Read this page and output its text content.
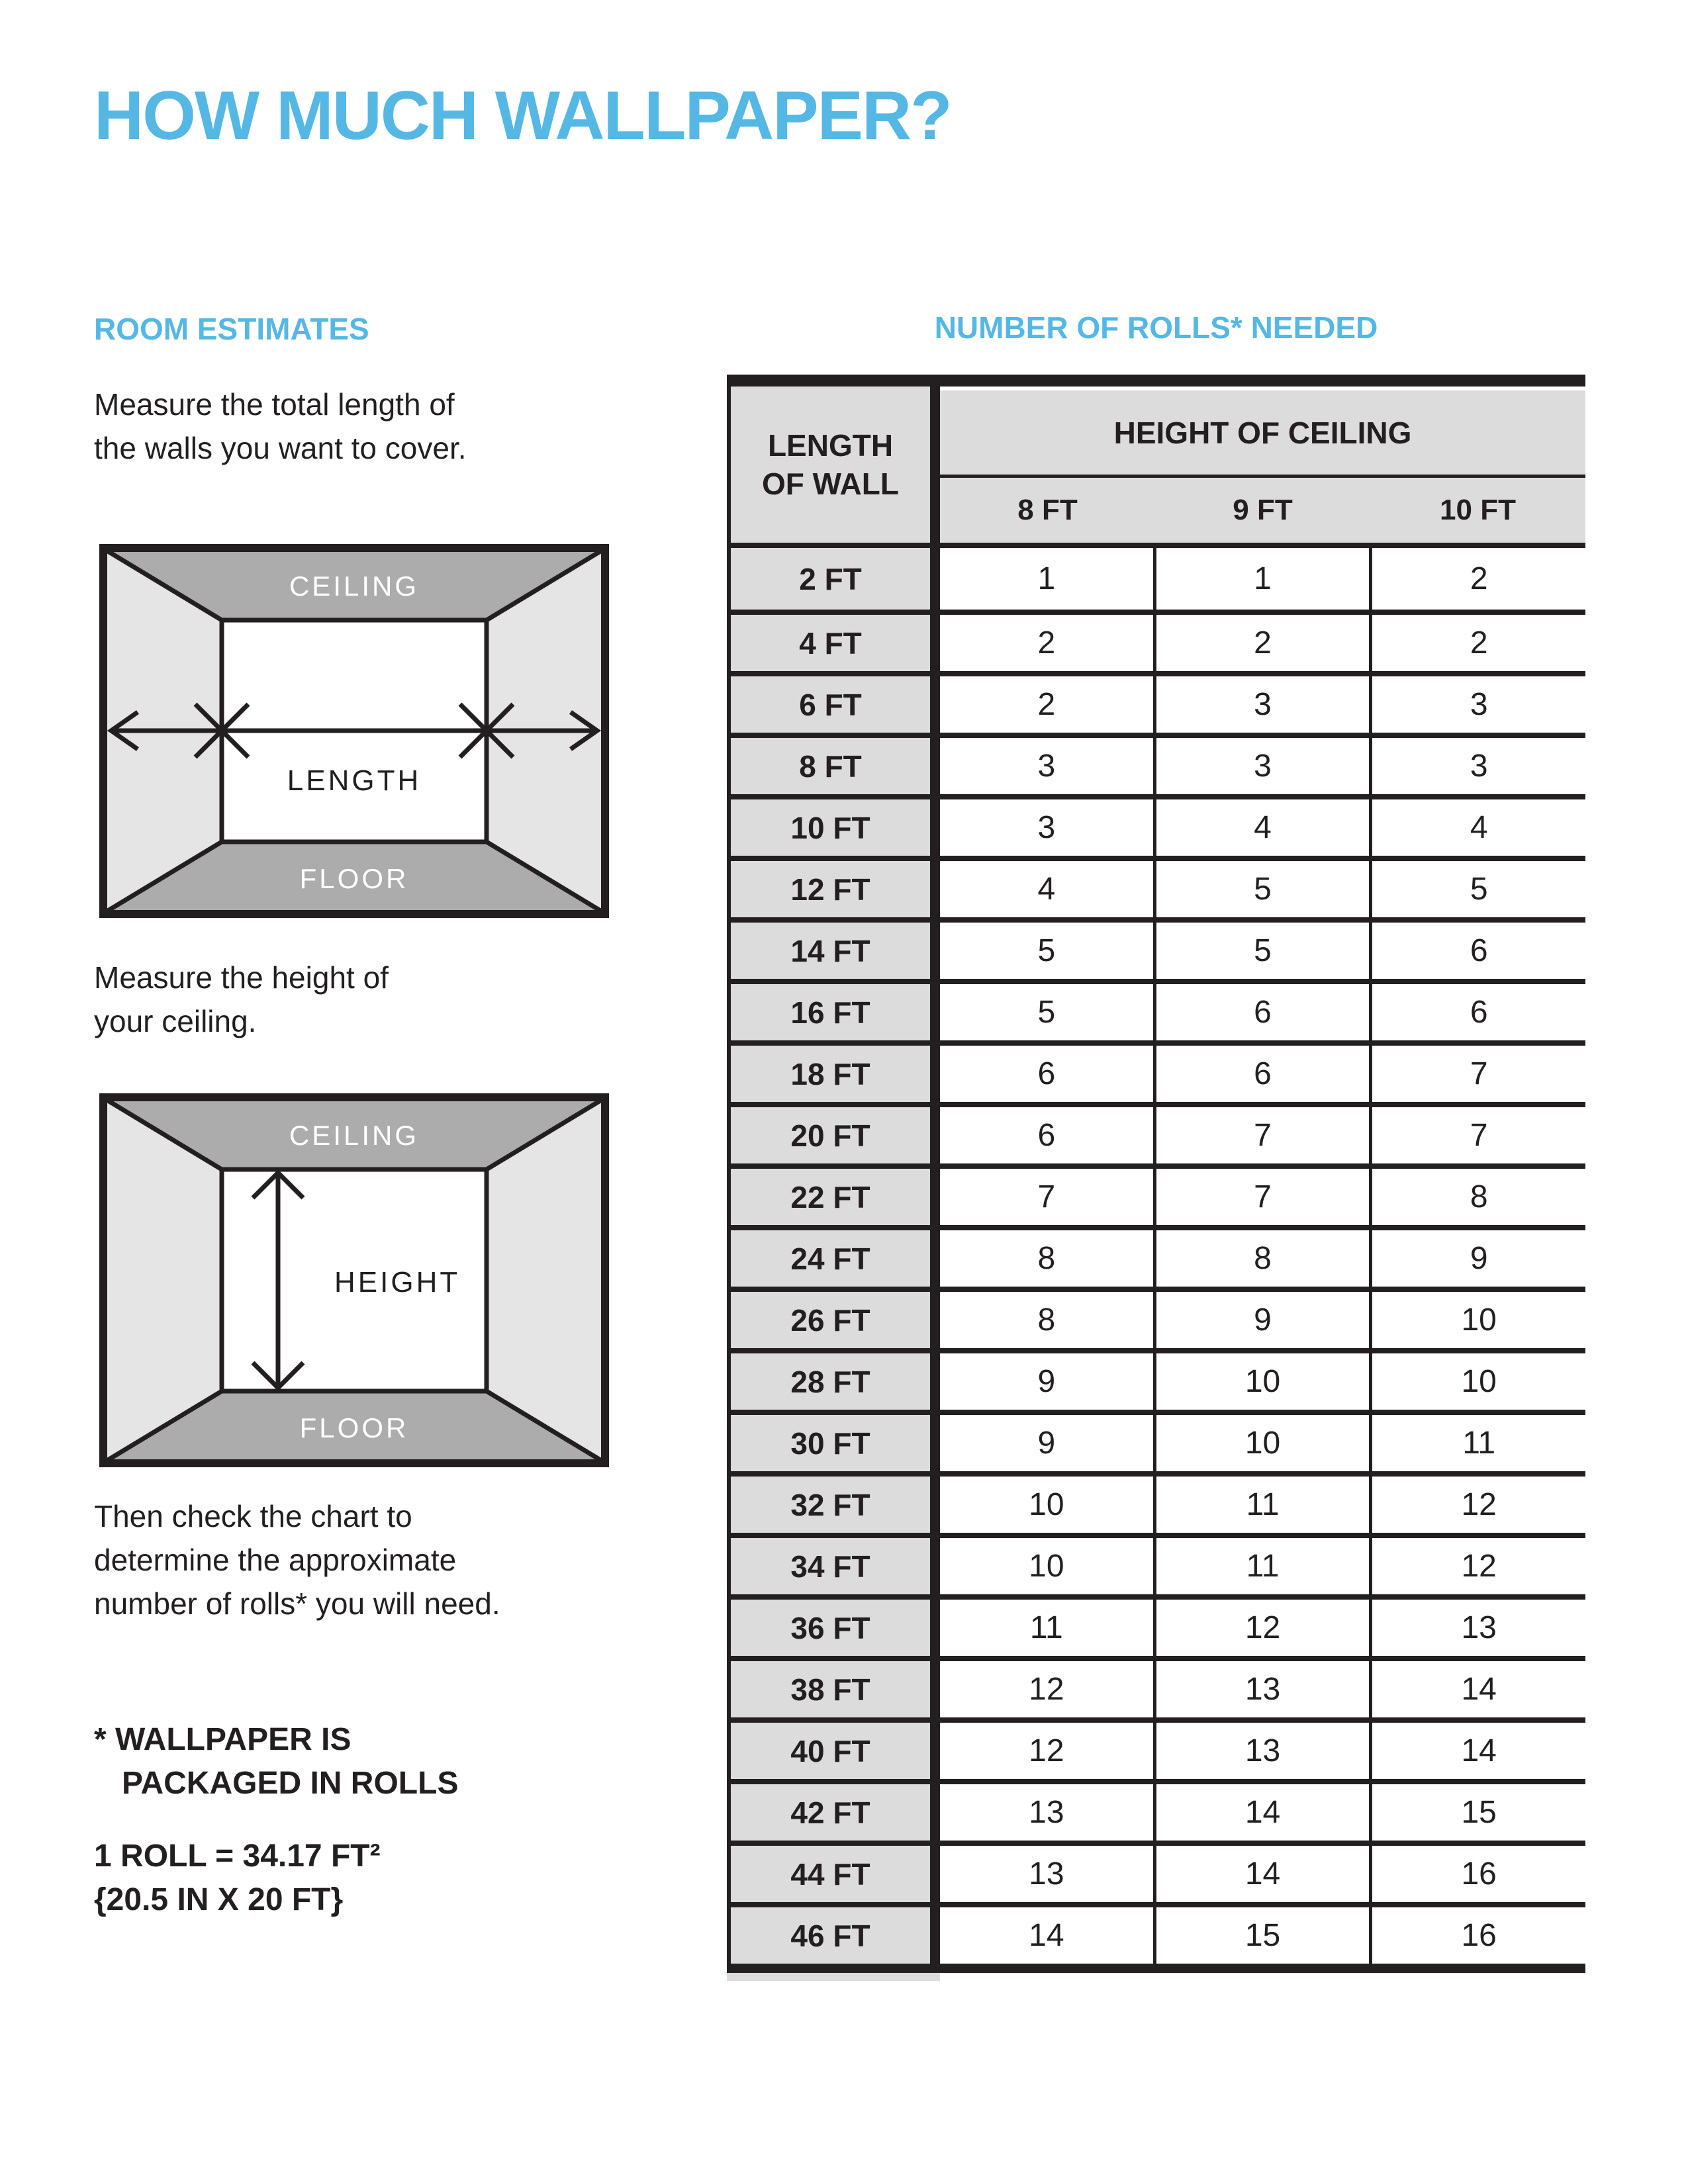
HOW MUCH WALLPAPER?
ROOM ESTIMATES
Measure the total length of
the walls you want to cover.
CEILING
FLOOR
LENGTH
Measure the height of
your ceiling.
CEILING
FLOOR
HEIGHT
Then check the chart to
determine the approximate
number of rolls* you will need.
* WALLPAPER IS
PACKAGED IN ROLLS
1 ROLL = 34.17 FT²
{20.5 IN X 20 FT}
NUMBER OF ROLLS* NEEDED
LENGTH
OF WALL
HEIGHT OF CEILING
8 FT	9 FT	10 FT
2 FT	1	1	2
4 FT	2	2	2
6 FT	2	3	3
8 FT	3	3	3
10 FT	3	4	4
12 FT	4	5	5
14 FT	5	5	6
16 FT	5	6	6
18 FT	6	6	7
20 FT	6	7	7
22 FT	7	7	8
24 FT	8	8	9
26 FT	8	9	10
28 FT	9	10	10
30 FT	9	10	11
32 FT	10	11	12
34 FT	10	11	12
36 FT	11	12	13
38 FT	12	13	14
40 FT	12	13	14
42 FT	13	14	15
44 FT	13	14	16
46 FT	14	15	16
